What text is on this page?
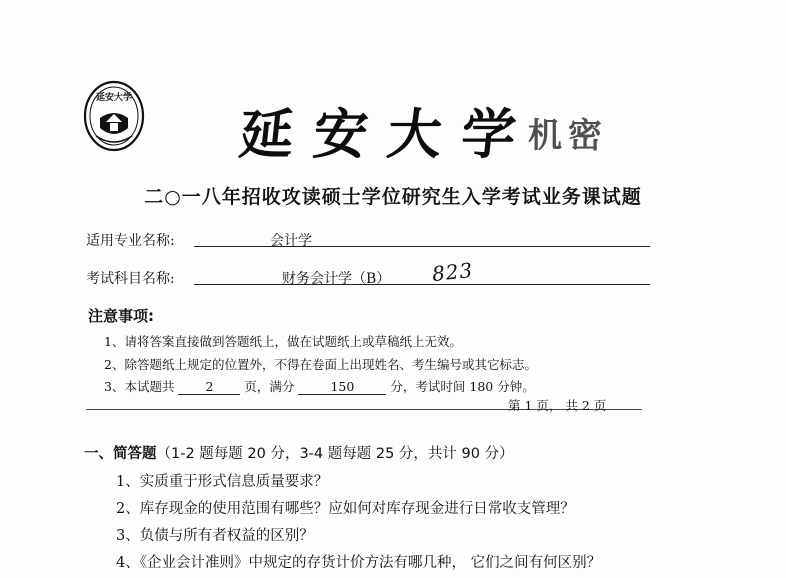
延安大学
延安大学
机密
二○一八年招收攻读硕士学位研究生入学考试业务课试题
适用专业名称:	会计学
考试科目名称:	财务会计学（B） 823
注意事项:
1、请将答案直接做到答题纸上，做在试题纸上或草稿纸上无效。
2、除答题纸上规定的位置外，不得在卷面上出现姓名、考生编号或其它标志。
3、本试题共 2 页，满分	150	分，考试时间 180 分钟。
第 1 页， 共 2 页
一、简答题（1-2 题每题 20 分，3-4 题每题 25 分，共计 90 分）
1、实质重于形式信息质量要求？
2、库存现金的使用范围有哪些？应如何对库存现金进行日常收支管理？
3、负债与所有者权益的区别？
4、《企业会计准则》中规定的存货计价方法有哪几种， 它们之间有何区别？
